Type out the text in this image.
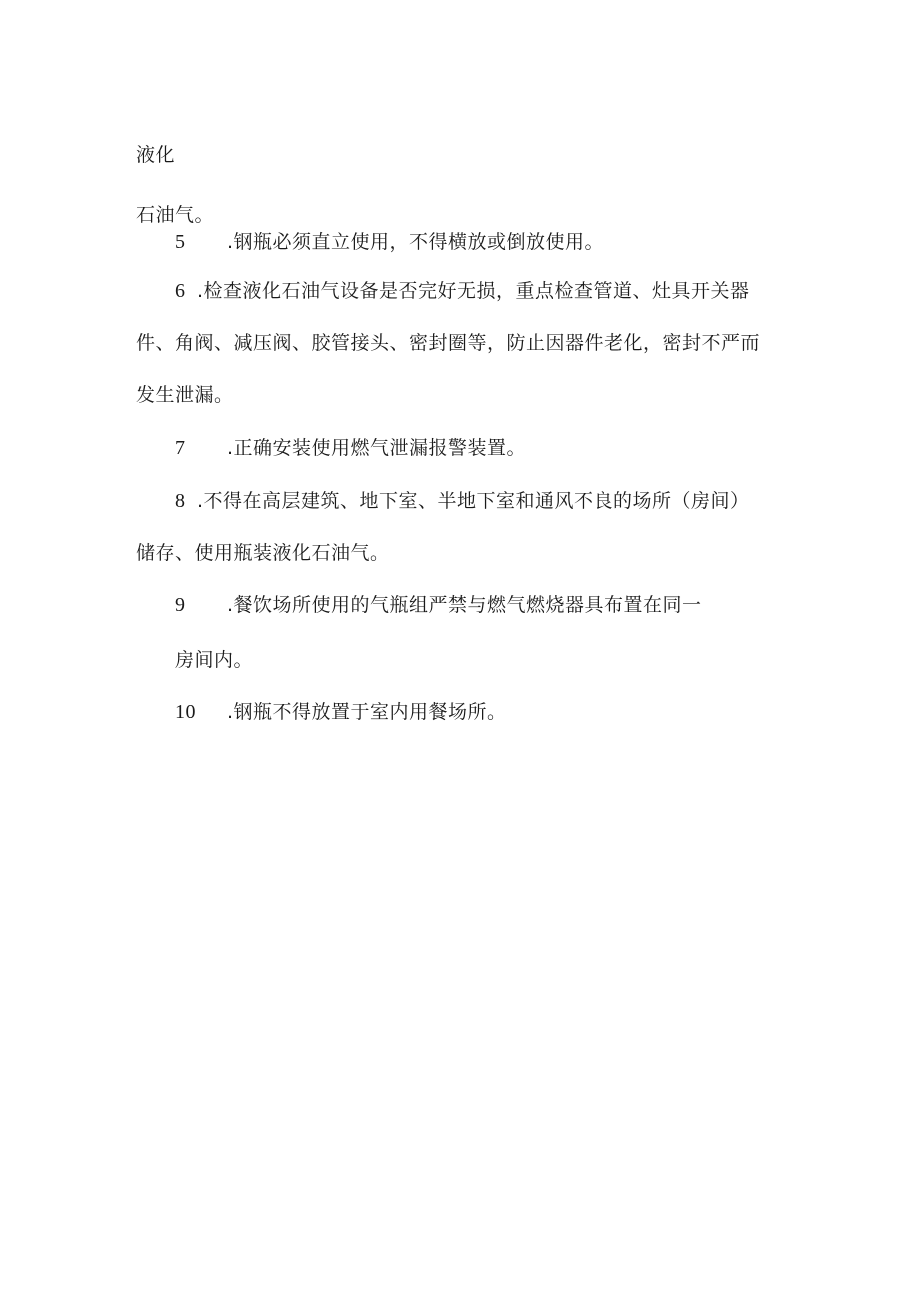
液化
石油气。
5 .钢瓶必须直立使用，不得横放或倒放使用。
6 .检查液化石油气设备是否完好无损，重点检查管道、灶具开关器
件、角阀、减压阀、胶管接头、密封圈等，防止因器件老化，密封不严而
发生泄漏。
7 .正确安装使用燃气泄漏报警装置。
8 .不得在高层建筑、地下室、半地下室和通风不良的场所（房间）
储存、使用瓶装液化石油气。
9 .餐饮场所使用的气瓶组严禁与燃气燃烧器具布置在同一
房间内。
10 .钢瓶不得放置于室内用餐场所。
